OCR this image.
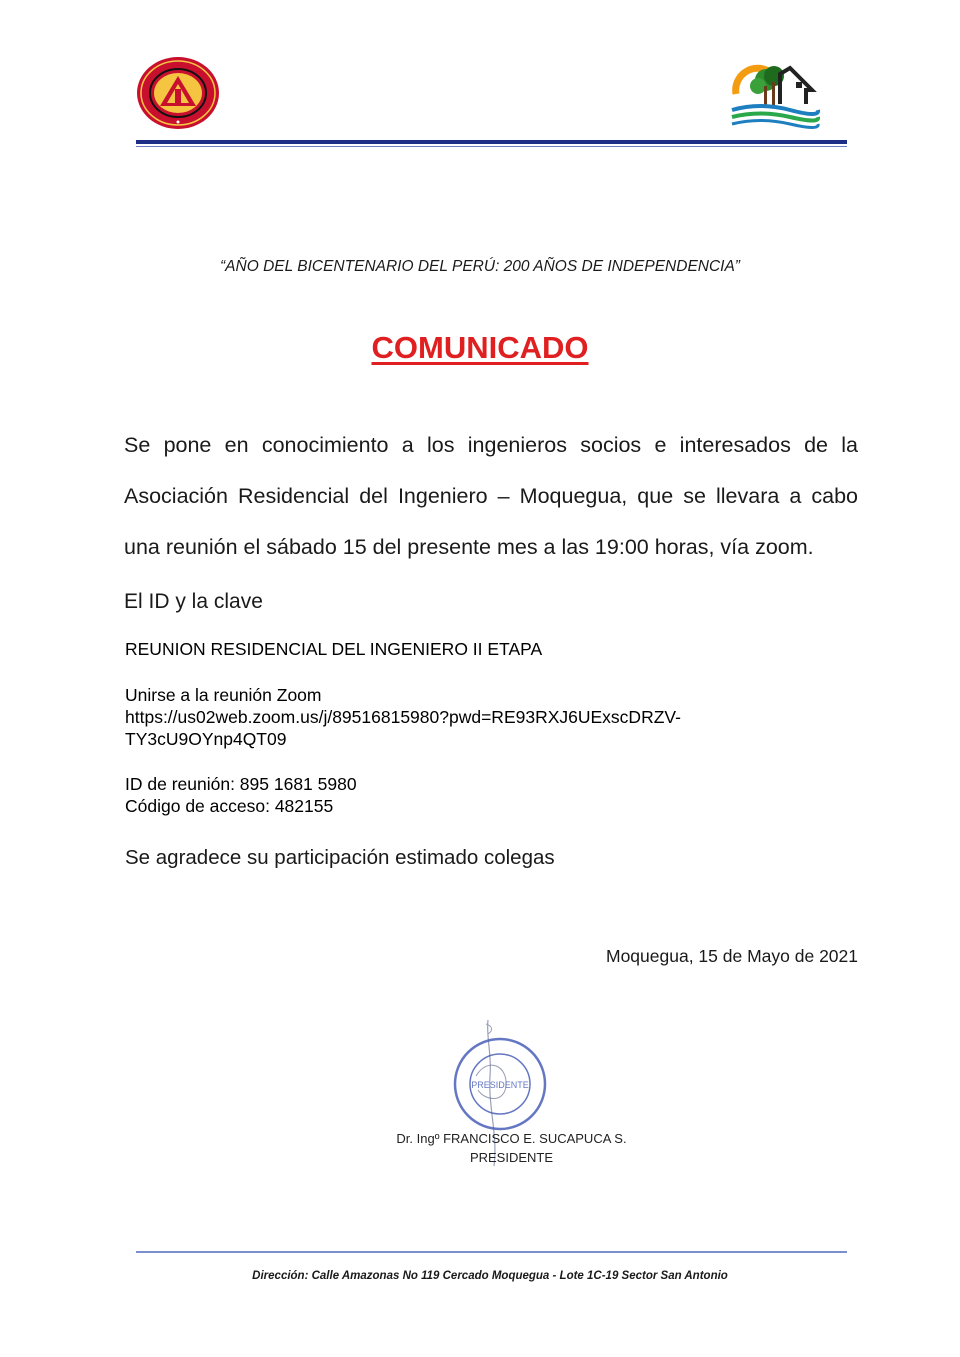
“AÑO DEL BICENTENARIO DEL PERÚ: 200 AÑOS DE INDEPENDENCIA”
COMUNICADO
Se pone en conocimiento a los ingenieros socios e interesados de la Asociación Residencial del Ingeniero – Moquegua, que se llevara a cabo una reunión el sábado 15 del presente mes a las 19:00 horas, vía zoom.
El ID y la clave
REUNION RESIDENCIAL DEL INGENIERO II ETAPA
Unirse a la reunión Zoom
https://us02web.zoom.us/j/89516815980?pwd=RE93RXJ6UExscDRZV-
TY3cU9OYnp4QT09
ID de reunión: 895 1681 5980
Código de acceso: 482155
Se agradece su participación estimado colegas
Moquegua, 15 de Mayo de 2021
PRESIDENTE
Dr. Ingº FRANCISCO E. SUCAPUCA S.
PRESIDENTE
Dirección: Calle Amazonas No 119 Cercado Moquegua - Lote 1C-19 Sector San Antonio
